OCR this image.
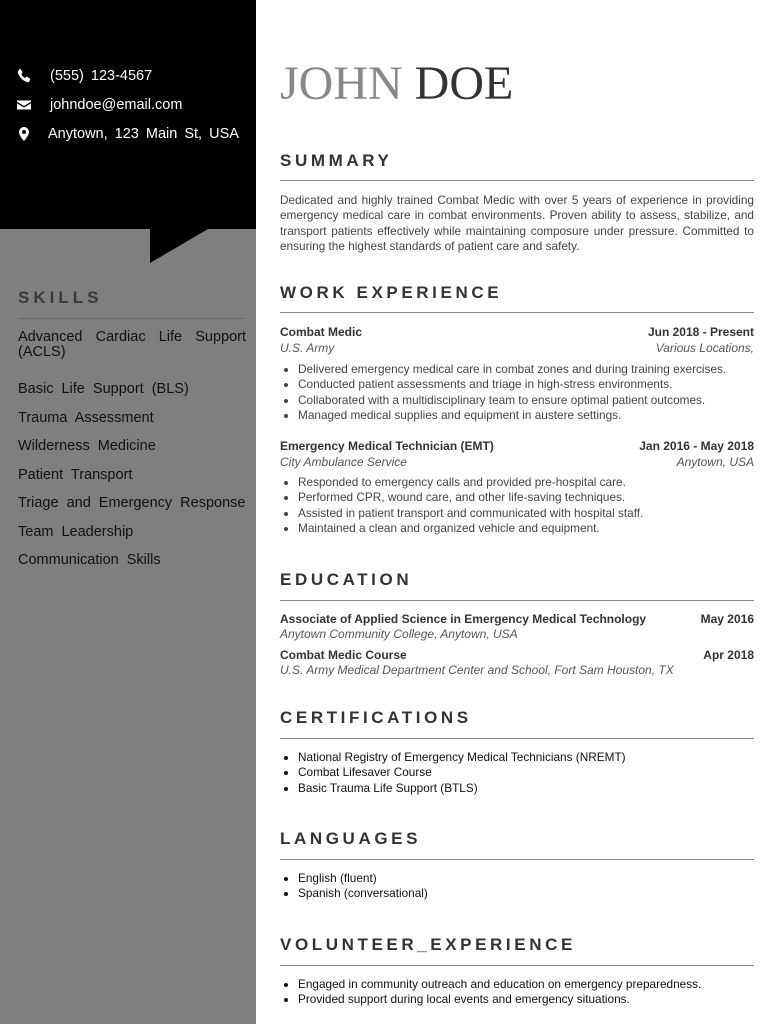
(555) 123-4567
johndoe@email.com
Anytown, 123 Main St, USA
SKILLS
Advanced Cardiac Life Support (ACLS)
Basic Life Support (BLS)
Trauma Assessment
Wilderness Medicine
Patient Transport
Triage and Emergency Response
Team Leadership
Communication Skills
JOHN DOE
SUMMARY

Dedicated and highly trained Combat Medic with over 5 years of experience in providing emergency medical care in combat environments. Proven ability to assess, stabilize, and transport patients effectively while maintaining composure under pressure. Committed to ensuring the highest standards of patient care and safety.

WORK EXPERIENCE
Combat Medic	Jun 2018 - Present
U.S. Army	Various Locations,
• Delivered emergency medical care in combat zones and during training exercises.
• Conducted patient assessments and triage in high-stress environments.
• Collaborated with a multidisciplinary team to ensure optimal patient outcomes.
• Managed medical supplies and equipment in austere settings.
Emergency Medical Technician (EMT)	Jan 2016 - May 2018
City Ambulance Service	Anytown, USA
• Responded to emergency calls and provided pre-hospital care.
• Performed CPR, wound care, and other life-saving techniques.
• Assisted in patient transport and communicated with hospital staff.
• Maintained a clean and organized vehicle and equipment.
EDUCATION
Associate of Applied Science in Emergency Medical Technology	May 2016
Anytown Community College, Anytown, USA
Combat Medic Course	Apr 2018
U.S. Army Medical Department Center and School, Fort Sam Houston, TX
CERTIFICATIONS
• National Registry of Emergency Medical Technicians (NREMT)
• Combat Lifesaver Course
• Basic Trauma Life Support (BTLS)
LANGUAGES
• English (fluent)
• Spanish (conversational)
VOLUNTEER_EXPERIENCE
• Engaged in community outreach and education on emergency preparedness.
• Provided support during local events and emergency situations.
